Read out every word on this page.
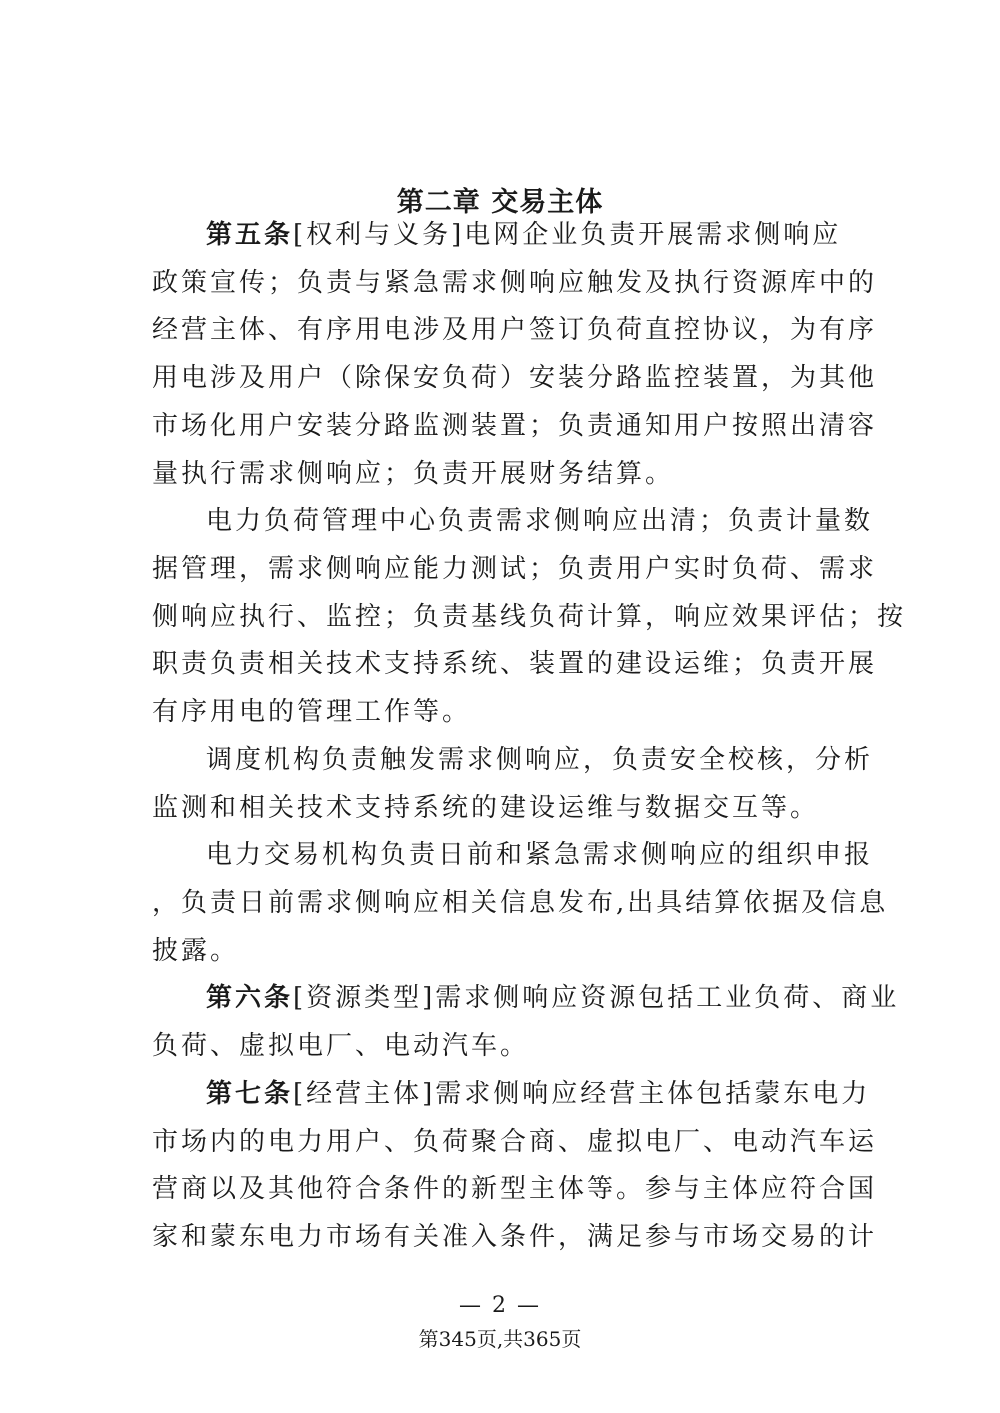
第二章 交易主体
第五条[权利与义务]电网企业负责开展需求侧响应
政策宣传；负责与紧急需求侧响应触发及执行资源库中的
经营主体、有序用电涉及用户签订负荷直控协议，为有序
用电涉及用户（除保安负荷）安装分路监控装置，为其他
市场化用户安装分路监测装置；负责通知用户按照出清容
量执行需求侧响应；负责开展财务结算。
电力负荷管理中心负责需求侧响应出清；负责计量数
据管理，需求侧响应能力测试；负责用户实时负荷、需求
侧响应执行、监控；负责基线负荷计算，响应效果评估；按
职责负责相关技术支持系统、装置的建设运维；负责开展
有序用电的管理工作等。
调度机构负责触发需求侧响应，负责安全校核，分析
监测和相关技术支持系统的建设运维与数据交互等。
电力交易机构负责日前和紧急需求侧响应的组织申报
，负责日前需求侧响应相关信息发布,出具结算依据及信息
披露。
第六条[资源类型]需求侧响应资源包括工业负荷、商业
负荷、虚拟电厂、电动汽车。
第七条[经营主体]需求侧响应经营主体包括蒙东电力
市场内的电力用户、负荷聚合商、虚拟电厂、电动汽车运
营商以及其他符合条件的新型主体等。参与主体应符合国
家和蒙东电力市场有关准入条件，满足参与市场交易的计
— 2 —
第345页,共365页
